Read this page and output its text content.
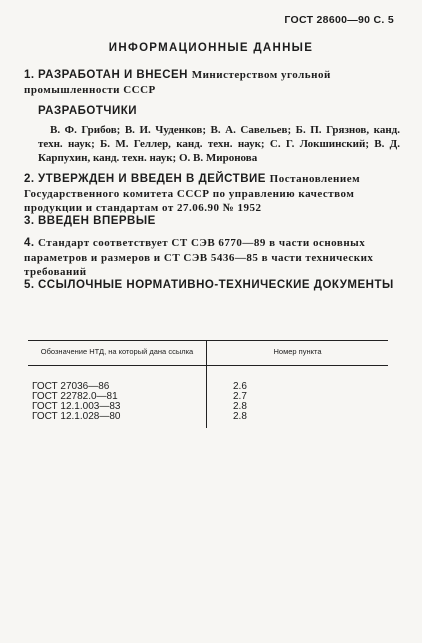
ГОСТ 28600—90 С. 5
ИНФОРМАЦИОННЫЕ ДАННЫЕ
1. РАЗРАБОТАН И ВНЕСЕН Министерством угольной промышленности СССР
РАЗРАБОТЧИКИ
В. Ф. Грибов; В. И. Чуденков; В. А. Савельев; Б. П. Грязнов, канд. техн. наук; Б. М. Геллер, канд. техн. наук; С. Г. Локшинский; В. Д. Карпухин, канд. техн. наук; О. В. Миронова
2. УТВЕРЖДЕН И ВВЕДЕН В ДЕЙСТВИЕ Постановлением Государственного комитета СССР по управлению качеством продукции и стандартам от 27.06.90 № 1952
3. ВВЕДЕН ВПЕРВЫЕ
4. Стандарт соответствует СТ СЭВ 6770—89 в части основных параметров и размеров и СТ СЭВ 5436—85 в части технических требований
5. ССЫЛОЧНЫЕ НОРМАТИВНО-ТЕХНИЧЕСКИЕ ДОКУМЕНТЫ
Обозначение НТД, на который дана ссылка	Номер пункта
ГОСТ 27036—86	2.6
ГОСТ 22782.0—81	2.7
ГОСТ 12.1.003—83	2.8
ГОСТ 12.1.028—80	2.8
